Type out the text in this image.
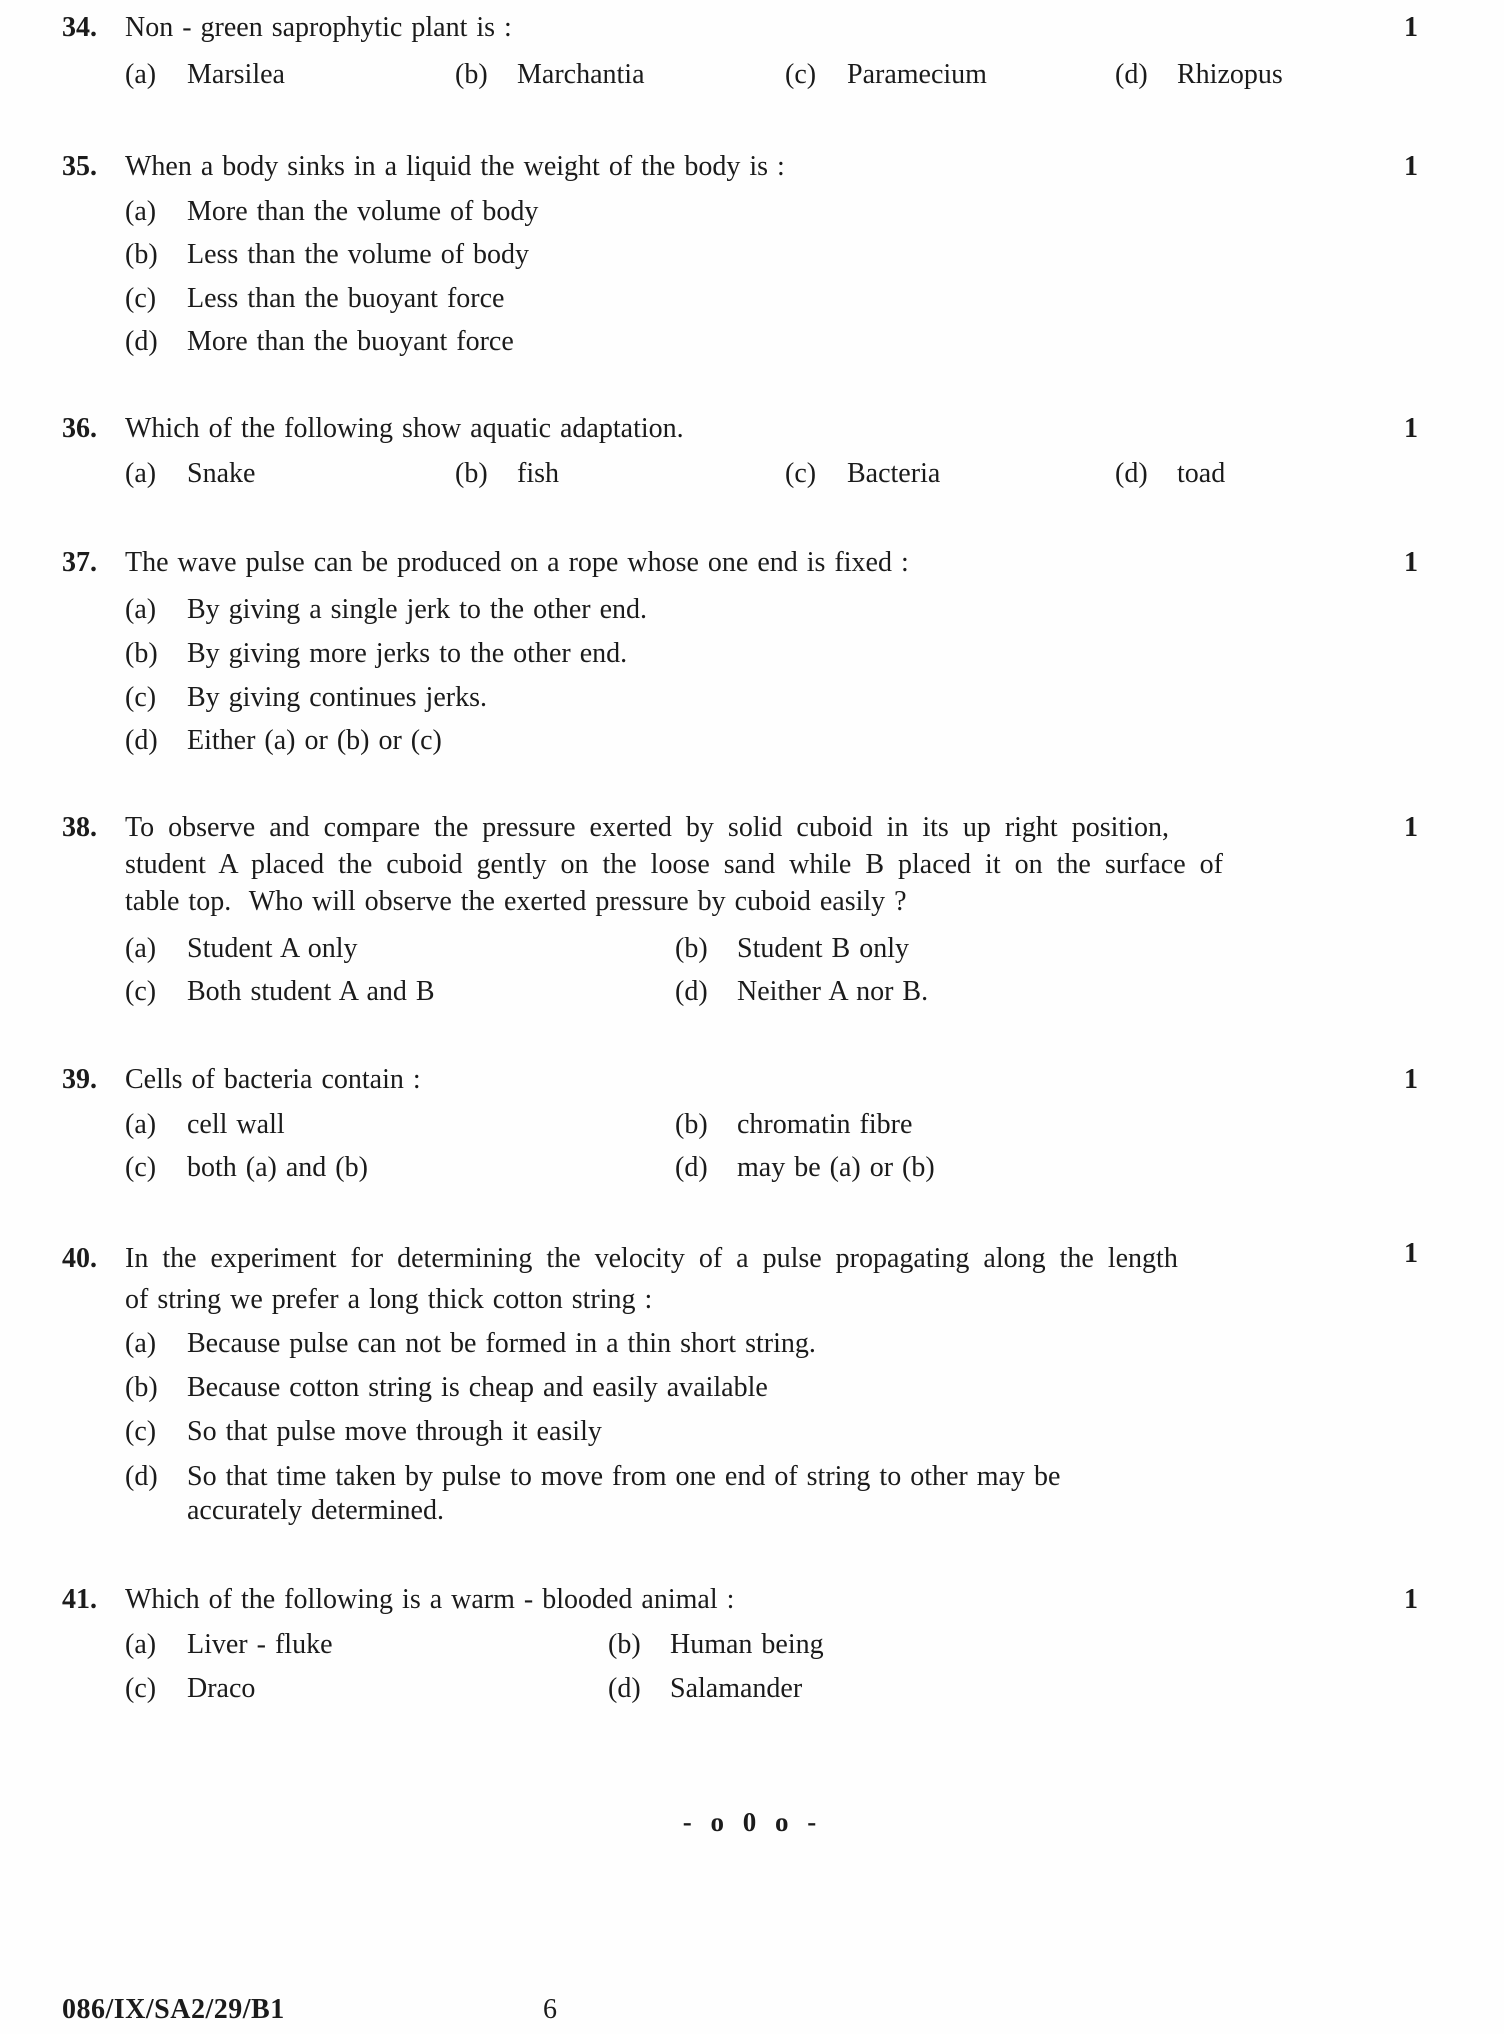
34. Non - green saprophytic plant is :	1
(a) Marsilea	(b) Marchantia	(c) Paramecium	(d) Rhizopus
35. When a body sinks in a liquid the weight of the body is :	1
(a) More than the volume of body
(b) Less than the volume of body
(c) Less than the buoyant force
(d) More than the buoyant force
36. Which of the following show aquatic adaptation.	1
(a) Snake	(b) fish	(c) Bacteria	(d) toad
37. The wave pulse can be produced on a rope whose one end is fixed :	1
(a) By giving a single jerk to the other end.
(b) By giving more jerks to the other end.
(c) By giving continues jerks.
(d) Either (a) or (b) or (c)
38. To observe and compare the pressure exerted by solid cuboid in its up right position,
student A placed the cuboid gently on the loose sand while B placed it on the surface of
table top.  Who will observe the exerted pressure by cuboid easily ?
1
(a) Student A only	(b) Student B only
(c) Both student A and B	(d) Neither A nor B.
39. Cells of bacteria contain :	1
(a) cell wall	(b) chromatin fibre
(c) both (a) and (b)	(d) may be (a) or (b)
40. In the experiment for determining the velocity of a pulse propagating along the length
of string we prefer a long thick cotton string :
1
(a) Because pulse can not be formed in a thin short string.
(b) Because cotton string is cheap and easily available
(c) So that pulse move through it easily
(d) So that time taken by pulse to move from one end of string to other may be
accurately determined.
41. Which of the following is a warm - blooded animal :	1
(a) Liver - fluke	(b) Human being
(c) Draco	(d) Salamander
- o 0 o -
086/IX/SA2/29/B1	6
